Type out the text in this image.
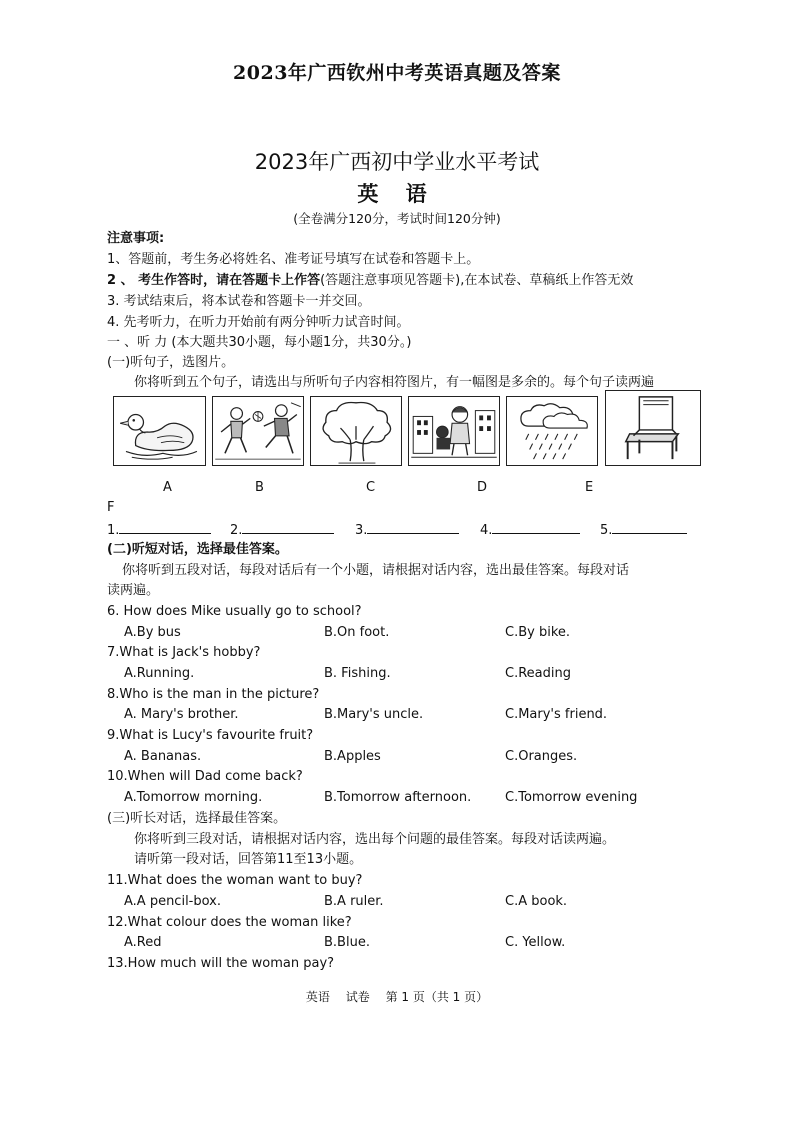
2023年广西钦州中考英语真题及答案
2023年广西初中学业水平考试
英 语
(全卷满分120分，考试时间120分钟)
注意事项:
1、答题前，考生务必将姓名、准考证号填写在试卷和答题卡上。
2 、 考生作答时，请在答题卡上作答(答题注意事项见答题卡),在本试卷、草稿纸上作答无效
3. 考试结束后，将本试卷和答题卡一并交回。
4. 先考听力，在听力开始前有两分钟听力试音时间。
一 、听 力 (本大题共30小题，每小题1分，共30分。)
(一)听句子，选图片。
你将听到五个句子，请选出与所听句子内容相符图片，有一幅图是多余的。每个句子读两遍
A	B	C	D	E
F
1.	2.	3.	4.	5.
(二)听短对话，选择最佳答案。
你将听到五段对话，每段对话后有一个小题，请根据对话内容，选出最佳答案。每段对话
读两遍。
6. How does Mike usually go to school?
A.By bus	B.On foot.	C.By bike.
7.What is Jack's hobby?
A.Running.	B. Fishing.	C.Reading
8.Who is the man in the picture?
A. Mary's brother.	B.Mary's uncle.	C.Mary's friend.
9.What is Lucy's favourite fruit?
A. Bananas.	B.Apples	C.Oranges.
10.When will Dad come back?
A.Tomorrow morning.	B.Tomorrow afternoon.	C.Tomorrow evening
(三)听长对话，选择最佳答案。
你将听到三段对话，请根据对话内容，选出每个问题的最佳答案。每段对话读两遍。
请听第一段对话，回答第11至13小题。
11.What does the woman want to buy?
A.A pencil-box.	B.A ruler.	C.A book.
12.What colour does the woman like?
A.Red	B.Blue.	C. Yellow.
13.How much will the woman pay?
英语 试卷 第 1 页（共 1 页）
